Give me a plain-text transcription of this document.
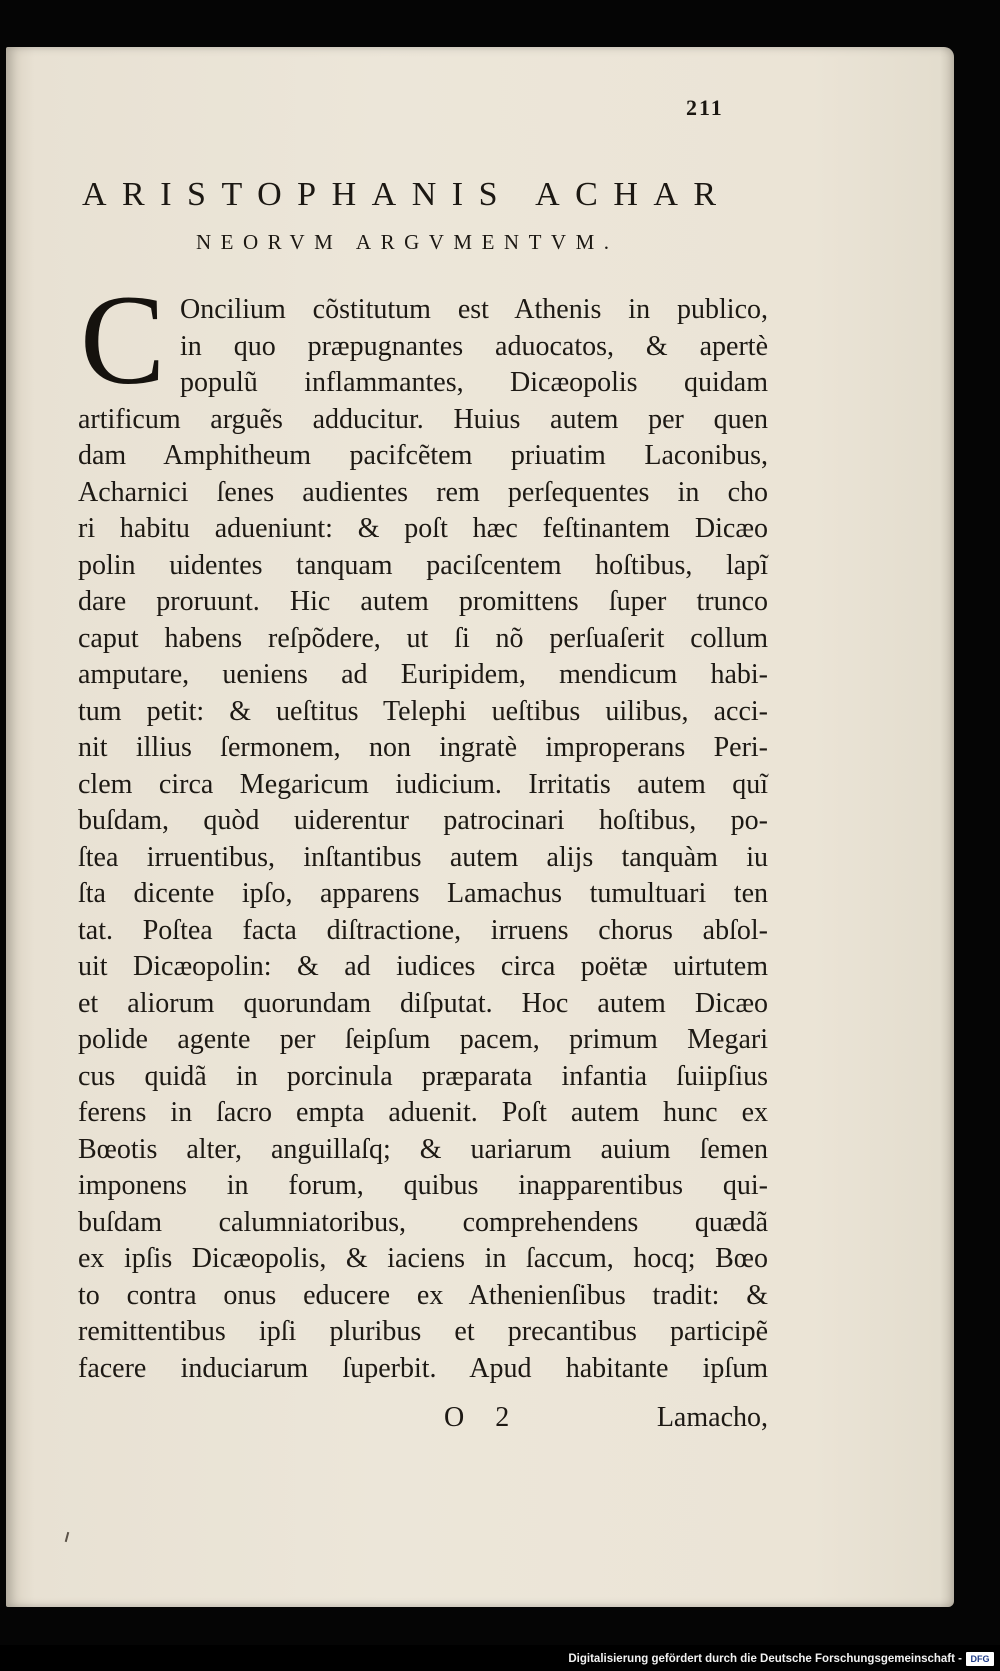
211
ARISTOPHANIS ACHAR
NEORVM ARGVMENTVM.
C Oncilium cõstitutum est Athenis in publico,
in quo præpugnantes aduocatos, & apertè
populũ inflammantes, Dicæopolis quidam
artificum arguẽs adducitur. Huius autem per quen
dam Amphitheum pacifcẽtem priuatim Laconibus,
Acharnici ſenes audientes rem perſequentes in cho
ri habitu adueniunt: & poſt hæc feſtinantem Dicæo
polin uidentes tanquam paciſcentem hoſtibus, lapĩ
dare proruunt. Hic autem promittens ſuper trunco
caput habens reſpõdere, ut ſi nõ perſuaſerit collum
amputare, ueniens ad Euripidem, mendicum habi-
tum petit: & ueſtitus Telephi ueſtibus uilibus, acci-
nit illius ſermonem, non ingratè improperans Peri-
clem circa Megaricum iudicium. Irritatis autem quĩ
buſdam, quòd uiderentur patrocinari hoſtibus, po-
ſtea irruentibus, inſtantibus autem alijs tanquàm iu
ſta dicente ipſo, apparens Lamachus tumultuari ten
tat. Poſtea facta diſtractione, irruens chorus abſol-
uit Dicæopolin: & ad iudices circa poëtæ uirtutem
et aliorum quorundam diſputat. Hoc autem Dicæo
polide agente per ſeipſum pacem, primum Megari
cus quidã in porcinula præparata infantia ſuiipſius
ferens in ſacro empta aduenit. Poſt autem hunc ex
Bœotis alter, anguillaſq; & uariarum auium ſemen
imponens in forum, quibus inapparentibus qui-
buſdam calumniatoribus, comprehendens quædã
ex ipſis Dicæopolis, & iaciens in ſaccum, hocq; Bœo
to contra onus educere ex Athenienſibus tradit: &
remittentibus ipſi pluribus et precantibus participẽ
facere induciarum ſuperbit. Apud habitante ipſum
O 2	Lamacho,
Digitalisierung gefördert durch die Deutsche Forschungsgemeinschaft - DFG
